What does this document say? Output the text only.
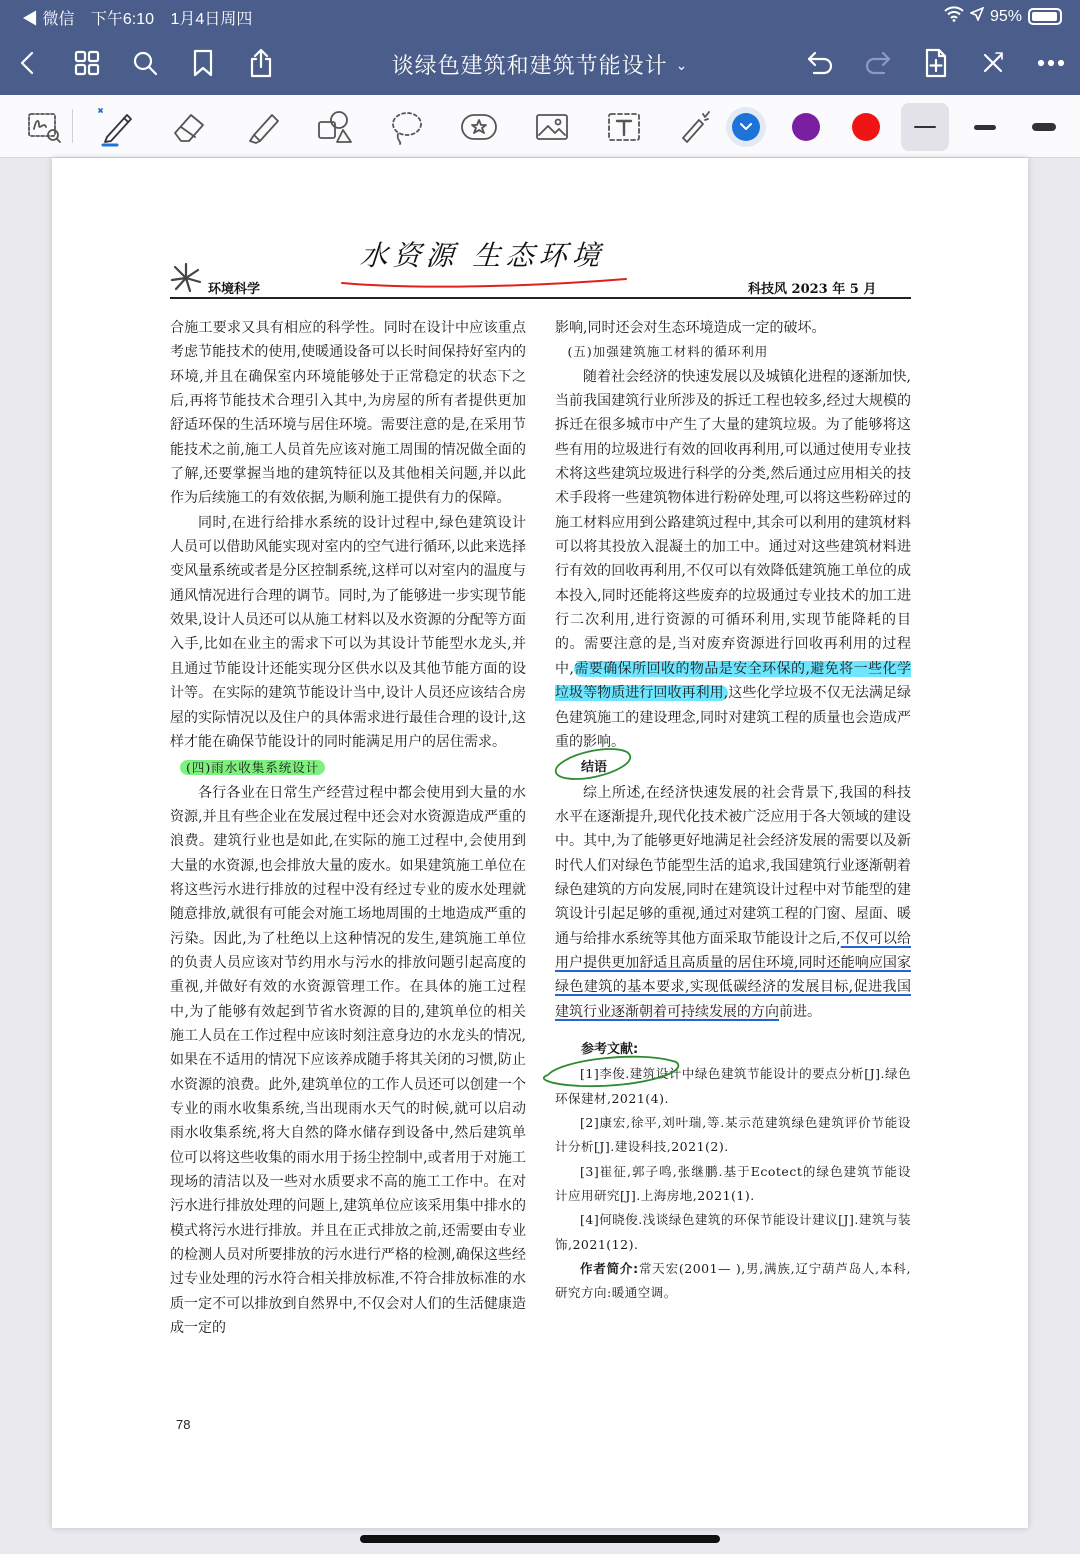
◀ 微信 下午6:10 1月4日周四	95%
谈绿色建筑和建筑节能设计 ⌄
水资源 生态环境
环境科学	科技风 2023 年 5 月

合施工要求又具有相应的科学性。同时在设计中应该重点考虑节能技术的使用,使暖通设备可以长时间保持好室内的环境,并且在确保室内环境能够处于正常稳定的状态下之后,再将节能技术合理引入其中,为房屋的所有者提供更加舒适环保的生活环境与居住环境。需要注意的是,在采用节能技术之前,施工人员首先应该对施工周围的情况做全面的了解,还要掌握当地的建筑特征以及其他相关问题,并以此作为后续施工的有效依据,为顺利施工提供有力的保障。

同时,在进行给排水系统的设计过程中,绿色建筑设计人员可以借助风能实现对室内的空气进行循环,以此来选择变风量系统或者是分区控制系统,这样可以对室内的温度与通风情况进行合理的调节。同时,为了能够进一步实现节能效果,设计人员还可以从施工材料以及水资源的分配等方面入手,比如在业主的需求下可以为其设计节能型水龙头,并且通过节能设计还能实现分区供水以及其他节能方面的设计等。在实际的建筑节能设计当中,设计人员还应该结合房屋的实际情况以及住户的具体需求进行最佳合理的设计,这样才能在确保节能设计的同时能满足用户的居住需求。

(四)雨水收集系统设计

各行各业在日常生产经营过程中都会使用到大量的水资源,并且有些企业在发展过程中还会对水资源造成严重的浪费。建筑行业也是如此,在实际的施工过程中,会使用到大量的水资源,也会排放大量的废水。如果建筑施工单位在将这些污水进行排放的过程中没有经过专业的废水处理就随意排放,就很有可能会对施工场地周围的土地造成严重的污染。因此,为了杜绝以上这种情况的发生,建筑施工单位的负责人员应该对节约用水与污水的排放问题引起高度的重视,并做好有效的水资源管理工作。在具体的施工过程中,为了能够有效起到节省水资源的目的,建筑单位的相关施工人员在工作过程中应该时刻注意身边的水龙头的情况,如果在不适用的情况下应该养成随手将其关闭的习惯,防止水资源的浪费。此外,建筑单位的工作人员还可以创建一个专业的雨水收集系统,当出现雨水天气的时候,就可以启动雨水收集系统,将大自然的降水储存到设备中,然后建筑单位可以将这些收集的雨水用于扬尘控制中,或者用于对施工现场的清洁以及一些对水质要求不高的施工工作中。在对污水进行排放处理的问题上,建筑单位应该采用集中排水的模式将污水进行排放。并且在正式排放之前,还需要由专业的检测人员对所要排放的污水进行严格的检测,确保这些经过专业处理的污水符合相关排放标准,不符合排放标准的水质一定不可以排放到自然界中,不仅会对人们的生活健康造成一定的

影响,同时还会对生态环境造成一定的破坏。

(五)加强建筑施工材料的循环利用

随着社会经济的快速发展以及城镇化进程的逐渐加快,当前我国建筑行业所涉及的拆迁工程也较多,经过大规模的拆迁在很多城市中产生了大量的建筑垃圾。为了能够将这些有用的垃圾进行有效的回收再利用,可以通过使用专业技术将这些建筑垃圾进行科学的分类,然后通过应用相关的技术手段将一些建筑物体进行粉碎处理,可以将这些粉碎过的施工材料应用到公路建筑过程中,其余可以利用的建筑材料可以将其投放入混凝土的加工中。通过对这些建筑材料进行有效的回收再利用,不仅可以有效降低建筑施工单位的成本投入,同时还能将这些废弃的垃圾通过专业技术的加工进行二次利用,进行资源的可循环利用,实现节能降耗的目的。需要注意的是,当对废弃资源进行回收再利用的过程中,需要确保所回收的物品是安全环保的,避免将一些化学垃圾等物质进行回收再利用,这些化学垃圾不仅无法满足绿色建筑施工的建设理念,同时对建筑工程的质量也会造成严重的影响。

结语

综上所述,在经济快速发展的社会背景下,我国的科技水平在逐渐提升,现代化技术被广泛应用于各大领域的建设中。其中,为了能够更好地满足社会经济发展的需要以及新时代人们对绿色节能型生活的追求,我国建筑行业逐渐朝着绿色建筑的方向发展,同时在建筑设计过程中对节能型的建筑设计引起足够的重视,通过对建筑工程的门窗、屋面、暖通与给排水系统等其他方面采取节能设计之后,不仅可以给用户提供更加舒适且高质量的居住环境,同时还能响应国家绿色建筑的基本要求,实现低碳经济的发展目标,促进我国建筑行业逐渐朝着可持续发展的方向前进。

参考文献:

[1]李俊.建筑设计中绿色建筑节能设计的要点分析[J].绿色环保建材,2021(4).

[2]康宏,徐平,刘叶瑞,等.某示范建筑绿色建筑评价节能设计分析[J].建设科技,2021(2).

[3]崔征,郭子鸣,张继鹏.基于Ecotect的绿色建筑节能设计应用研究[J].上海房地,2021(1).

[4]何晓俊.浅谈绿色建筑的环保节能设计建议[J].建筑与装饰,2021(12).

作者简介:常天宏(2001— ),男,满族,辽宁葫芦岛人,本科,研究方向:暖通空调。

78
